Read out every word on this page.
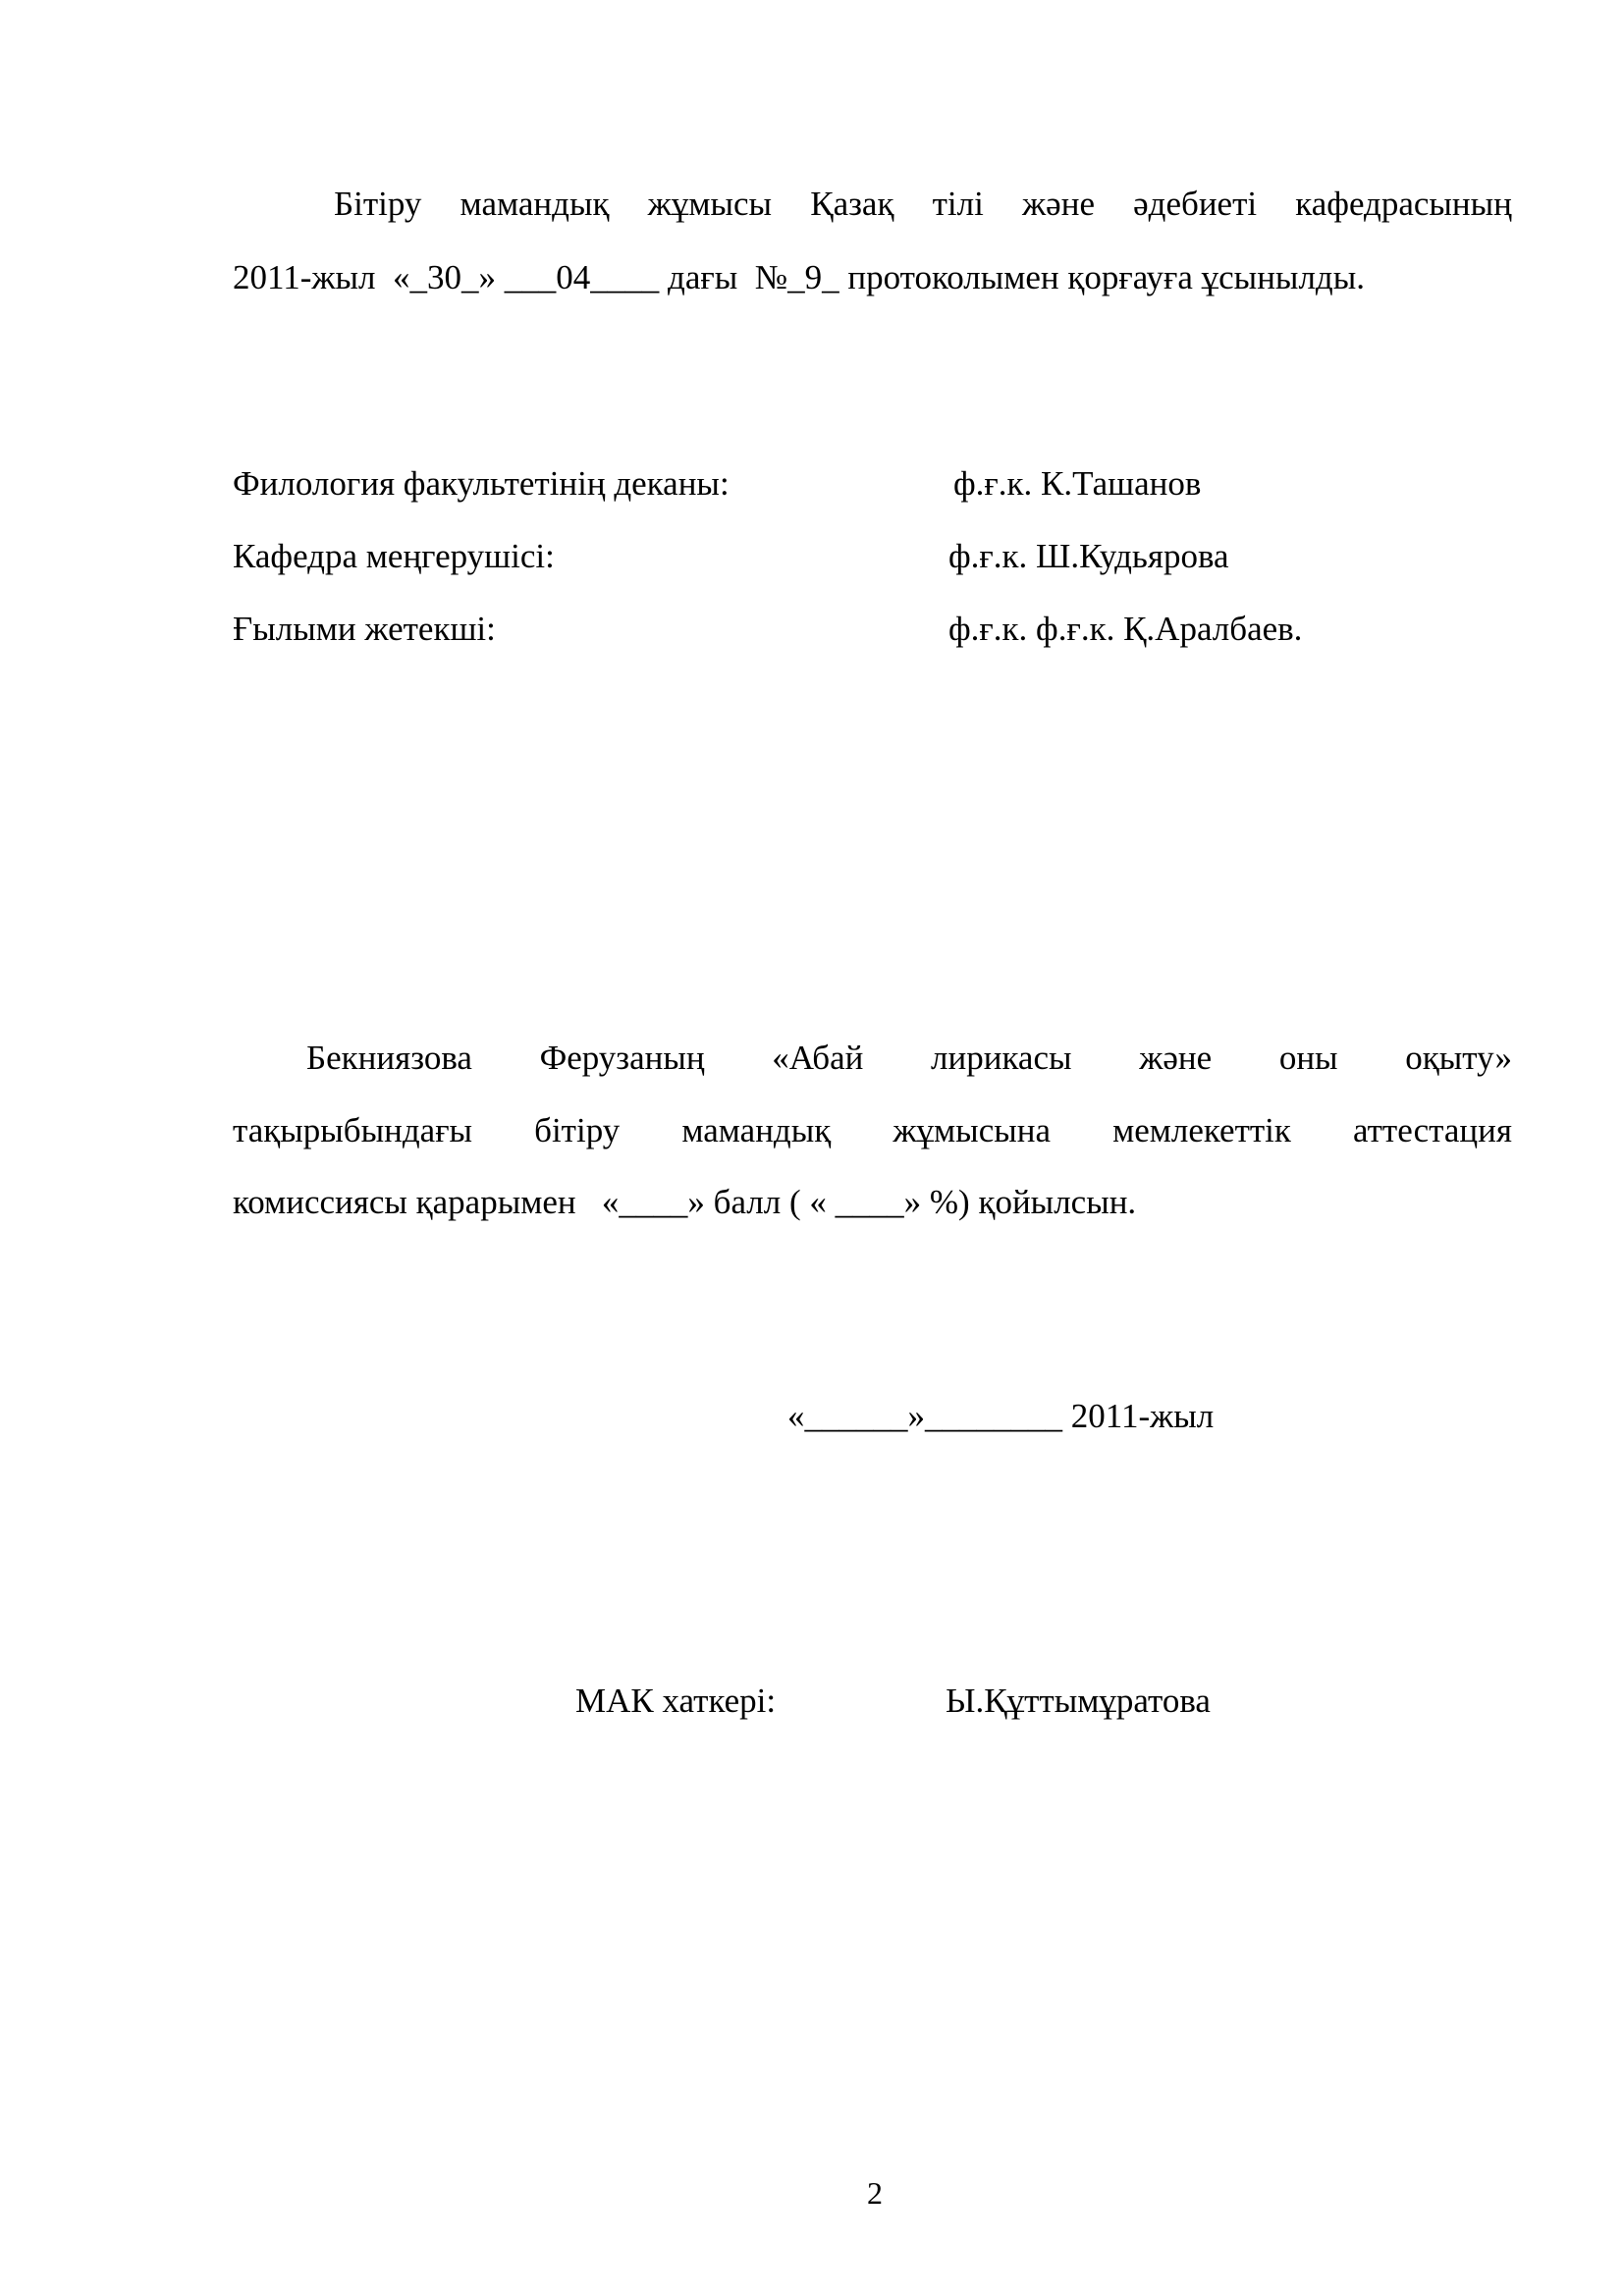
Бітіру мамандық жұмысы Қазақ тілі және әдебиеті кафедрасының
2011-жыл  «_30_» ___04____ дағы  №_9_ протоколымен қорғауға ұсынылды.
Филология факультетінің деканы:	ф.ғ.к. К.Ташанов
Кафедра меңгерушісі:	ф.ғ.к. Ш.Кудьярова
Ғылыми жетекші:	ф.ғ.к. ф.ғ.к. Қ.Аралбаев.
Бекниязова Ферузаның «Абай лирикасы және оны оқыту»
тақырыбындағы бітіру мамандық жұмысына мемлекеттік аттестация
комиссиясы қарарымен   «____» балл ( « ____» %) қойылсын.
«______»________ 2011-жыл
МАК хаткері:	Ы.Құттымұратова
2
